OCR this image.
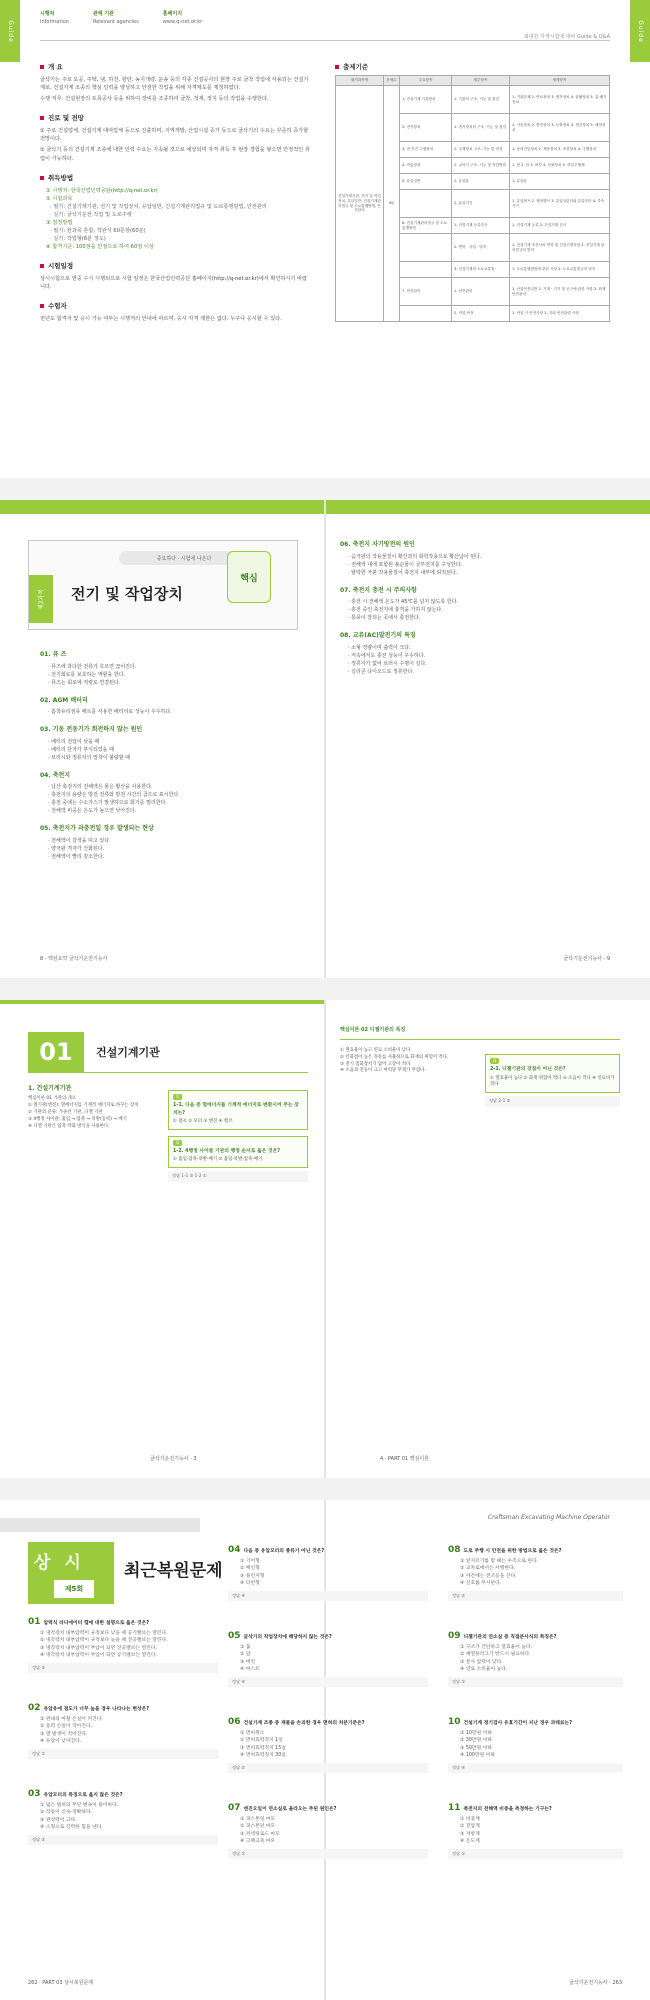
Guide	Guide
시행처
Information
관계 기관
Relevant agencies
홈페이지
www.q-net.or.kr
최대한 자격시험에 대비 Guide & Q&A
개 요
굴삭기는 주로 토공, 주택, 댐, 하천, 항만, 농지개량, 운송 등의 각종 건설공사의 현장 주로 굴착 작업에 사용되는 건설기계로, 건설기계 조종의 핵심 인력을 양성하고 안전한 작업을 위해 자격제도를 제정하였다.
수행 직무: 건설현장의 토목공사 등을 위하여 장비를 조종하여 굴착, 적재, 정지 등의 작업을 수행한다.
진로 및 전망
① 주로 건설업체, 건설기계 대여업체 등으로 진출하며, 지역개발, 산업시설 증가 등으로 굴삭기의 수요는 꾸준히 증가할 전망이다.
② 굴삭기 등의 건설기계 조종에 대한 인력 수요는 지속될 것으로 예상되며 자격 취득 후 현장 경험을 쌓으면 안정적인 취업이 가능하다.
취득방법
① 시행처: 한국산업인력공단(http://q-net.or.kr)
② 시험과목
· 필기: 건설기계기관, 전기 및 작업장치, 유압일반, 건설기계관리법규 및 도로통행방법, 안전관리
· 실기: 굴삭기운전 작업 및 도로주행
③ 검정방법
· 필기: 전과목 혼합, 객관식 60문항(60분)
· 실기: 작업형(6분 정도)
④ 합격기준: 100점을 만점으로 하여 60점 이상
시험일정
상시시험으로 연중 수시 시행되므로 시험 일정은 한국산업인력공단 홈페이지(http://q-net.or.kr)에서 확인하시기 바랍니다.
수험자
전년도 합격자 및 응시 가능 여부는 시행처의 안내에 따르며, 응시 자격 제한은 없다. 누구나 응시할 수 있다.
출제기준
필기과목명	문제수	주요항목	세부항목	세세항목
건설기계기관, 전기 및 작업장치, 유압일반, 건설기계관리법규 및 도로통행방법, 안전관리	60	1. 건설기계 기관장치	1. 기관의 구조, 기능 및 점검	1. 기관본체 2. 연료장치 3. 냉각장치 4. 윤활장치 5. 흡·배기장치
		2. 전기장치	1. 전기장치의 구조, 기능 및 점검	1. 시동장치 2. 충전장치 3. 등화장치 4. 계기장치 5. 예열장치
		3. 전·후진 주행장치	1. 주행장치 구조, 기능 및 점검	1. 동력전달장치 2. 제동장치 3. 조향장치 4. 주행장치
		4. 작업장치	1. 굴삭기 구조, 기능 및 작업방법	1. 붐 2. 암 3. 버킷 4. 선회장치 5. 하부주행체
		5. 유압일반	1. 유압유	1. 유압유
			2. 유압기기	1. 유압펌프 2. 제어밸브 3. 유압실린더와 유압모터 4. 부속기기
		6. 건설기계관리법규 및 도로통행방법	1. 건설기계 등록검사	1. 건설기계 등록 2. 건설기계 검사
			2. 면허 · 사업 · 벌칙	1. 건설기계 조종사의 면허 및 건설기계사업 2. 건설기계 관리법규의 벌칙
			3. 건설기계의 도로교통법	1. 도로통행방법에 관한 사항 2. 도로교통법규의 벌칙
		7. 안전관리	1. 안전관리	1. 산업안전일반 2. 기계 · 기기 및 공구에 관한 사항 3. 화재안전관리
			2. 작업 안전	1. 작업 시 안전사항 2. 기타 안전관련 사항
중요하다 · 시험에 나온다
제2과목 전기 및 작업장치
핵심
01. 퓨 즈
· 퓨즈에 과다한 전류가 흐르면 끊어진다.
· 전기회로를 보호하는 역할을 한다.
· 퓨즈는 회로에 직렬로 연결된다.
02. AGM 배터리
· 흡착유리섬유 매트를 사용한 배터리로 성능이 우수하다.
03. 기동 전동기가 회전하지 않는 원인
· 배터리 전압이 낮을 때
· 배터리 단자가 부식되었을 때
· 브러시와 정류자의 밀착이 불량할 때
04. 축전지
· 납산 축전지의 전해액은 묽은 황산을 사용한다.
· 축전지의 용량은 방전 전류와 방전 시간의 곱으로 표시한다.
· 충전 중에는 수소가스가 발생하므로 화기를 멀리한다.
· 전해액 비중은 온도가 높으면 낮아진다.
05. 축전지가 과충전일 경우 발생되는 현상
· 전해액이 갈색을 띠고 있다.
· 양극판 격자가 산화된다.
· 전해액이 빨리 감소한다.
06. 축전지 자기방전의 원인
· 음극판의 작용물질이 황산과의 화학작용으로 황산납이 된다.
· 전해액 내에 포함된 불순물이 국부전지를 구성한다.
· 탈락한 극판 작용물질이 축전지 내부에 퇴적된다.
07. 축전지 충전 시 주의사항
· 충전 시 전해액 온도가 45℃를 넘지 않도록 한다.
· 충전 중인 축전지에 충격을 가하지 않는다.
· 통풍이 잘되는 곳에서 충전한다.
08. 교류(AC)발전기의 특징
· 소형 경량이며 출력이 크다.
· 저속에서도 충전 성능이 우수하다.
· 정류자가 없어 브러시 수명이 길다.
· 실리콘 다이오드로 정류한다.
8 · 핵심요약 굴삭기운전기능사	굴삭기운전기능사 · 9
01	건설기계기관
1. 건설기계기관
핵심이론 01 기관의 개요
① 열기관(엔진): 열에너지를 기계적 에너지로 바꾸는 장치
② 기관의 분류: 가솔린 기관, 디젤 기관
③ 4행정 사이클: 흡입 → 압축 → 폭발(동력) → 배기
④ 디젤 기관은 압축 착화 방식을 사용한다.
Q
1-1. 다음 중 열에너지를 기계적 에너지로 변환시켜 주는 장치는?
① 펌프 ② 모터 ③ 엔진 ④ 밸브
Q
1-2. 4행정 사이클 기관의 행정 순서로 옳은 것은?
① 흡입-압축-폭발-배기 ② 흡입-폭발-압축-배기
정답 1-1 ③ 1-2 ①
핵심이론 02 디젤기관의 특징
① 열효율이 높고 연료 소비율이 낮다.
② 인화점이 높은 경유를 사용하므로 화재의 위험이 적다.
③ 전기 점화장치가 없어 고장이 적다.
④ 소음과 진동이 크고 마력당 무게가 무겁다.
Q
2-1. 디젤기관의 장점이 아닌 것은?
① 열효율이 높다 ② 화재 위험이 적다 ③ 소음이 작다 ④ 연료비가 적다
정답 2-1 ③
굴삭기운전기능사 · 3	4 · PART 01 핵심이론
Craftsman Excavating Machine Operator
상 시
제5회
최근복원문제
01 압력식 라디에이터 캡에 대한 설명으로 옳은 것은?
① 냉각장치 내부압력이 규정보다 낮을 때 공기밸브는 열린다.
② 냉각장치 내부압력이 규정보다 높을 때 진공밸브는 열린다.
③ 냉각장치 내부압력이 부압이 되면 진공밸브는 열린다.
④ 냉각장치 내부압력이 부압이 되면 공기밸브는 열린다.
정답 ③
02 유압유에 점도가 너무 높을 경우 나타나는 현상은?
① 관내의 마찰 손실이 커진다.
② 동력 손실이 작아진다.
③ 열 발생이 적어진다.
④ 유압이 낮아진다.
정답 ①
03 유압모터의 특징으로 옳지 않은 것은?
① 넓은 범위의 무단 변속이 용이하다.
② 작동이 신속·정확하다.
③ 관성력이 크다.
④ 소형으로 강력한 힘을 낸다.
정답 ③
04 다음 중 유압모터의 종류가 아닌 것은?
① 기어형
② 베인형
③ 플런저형
④ 터빈형
정답 ④
05 굴삭기의 작업장치에 해당하지 않는 것은?
① 붐
② 암
③ 버킷
④ 마스트
정답 ④
06 건설기계 조종 중 재물을 손괴한 경우 면허의 처분기준은?
① 면허취소
② 면허효력정지 1일
③ 면허효력정지 15일
④ 면허효력정지 30일
정답 ②
07 엔진오일이 연소실로 올라오는 주된 원인은?
① 피스톤링 마모
② 피스톤핀 마모
③ 커넥팅로드 마모
④ 크랭크축 마모
정답 ①
08 도로 주행 시 안전을 위한 방법으로 옳은 것은?
① 앞지르기를 할 때는 우측으로 한다.
② 교차로에서는 서행한다.
③ 야간에는 전조등을 끈다.
④ 신호를 무시한다.
정답 ②
09 디젤기관의 연소실 중 직접분사식의 특징은?
① 구조가 간단하고 열효율이 높다.
② 예열플러그가 반드시 필요하다.
③ 분사 압력이 낮다.
④ 연료 소비율이 높다.
정답 ①
10 건설기계 정기검사 유효기간이 지난 경우 과태료는?
① 10만원 이하
② 30만원 이하
③ 50만원 이하
④ 100만원 이하
정답 ④
11 축전지의 전해액 비중을 측정하는 기구는?
① 비중계
② 전압계
③ 저항계
④ 온도계
정답 ①
262 · PART 03 상시복원문제	굴삭기운전기능사 · 263
